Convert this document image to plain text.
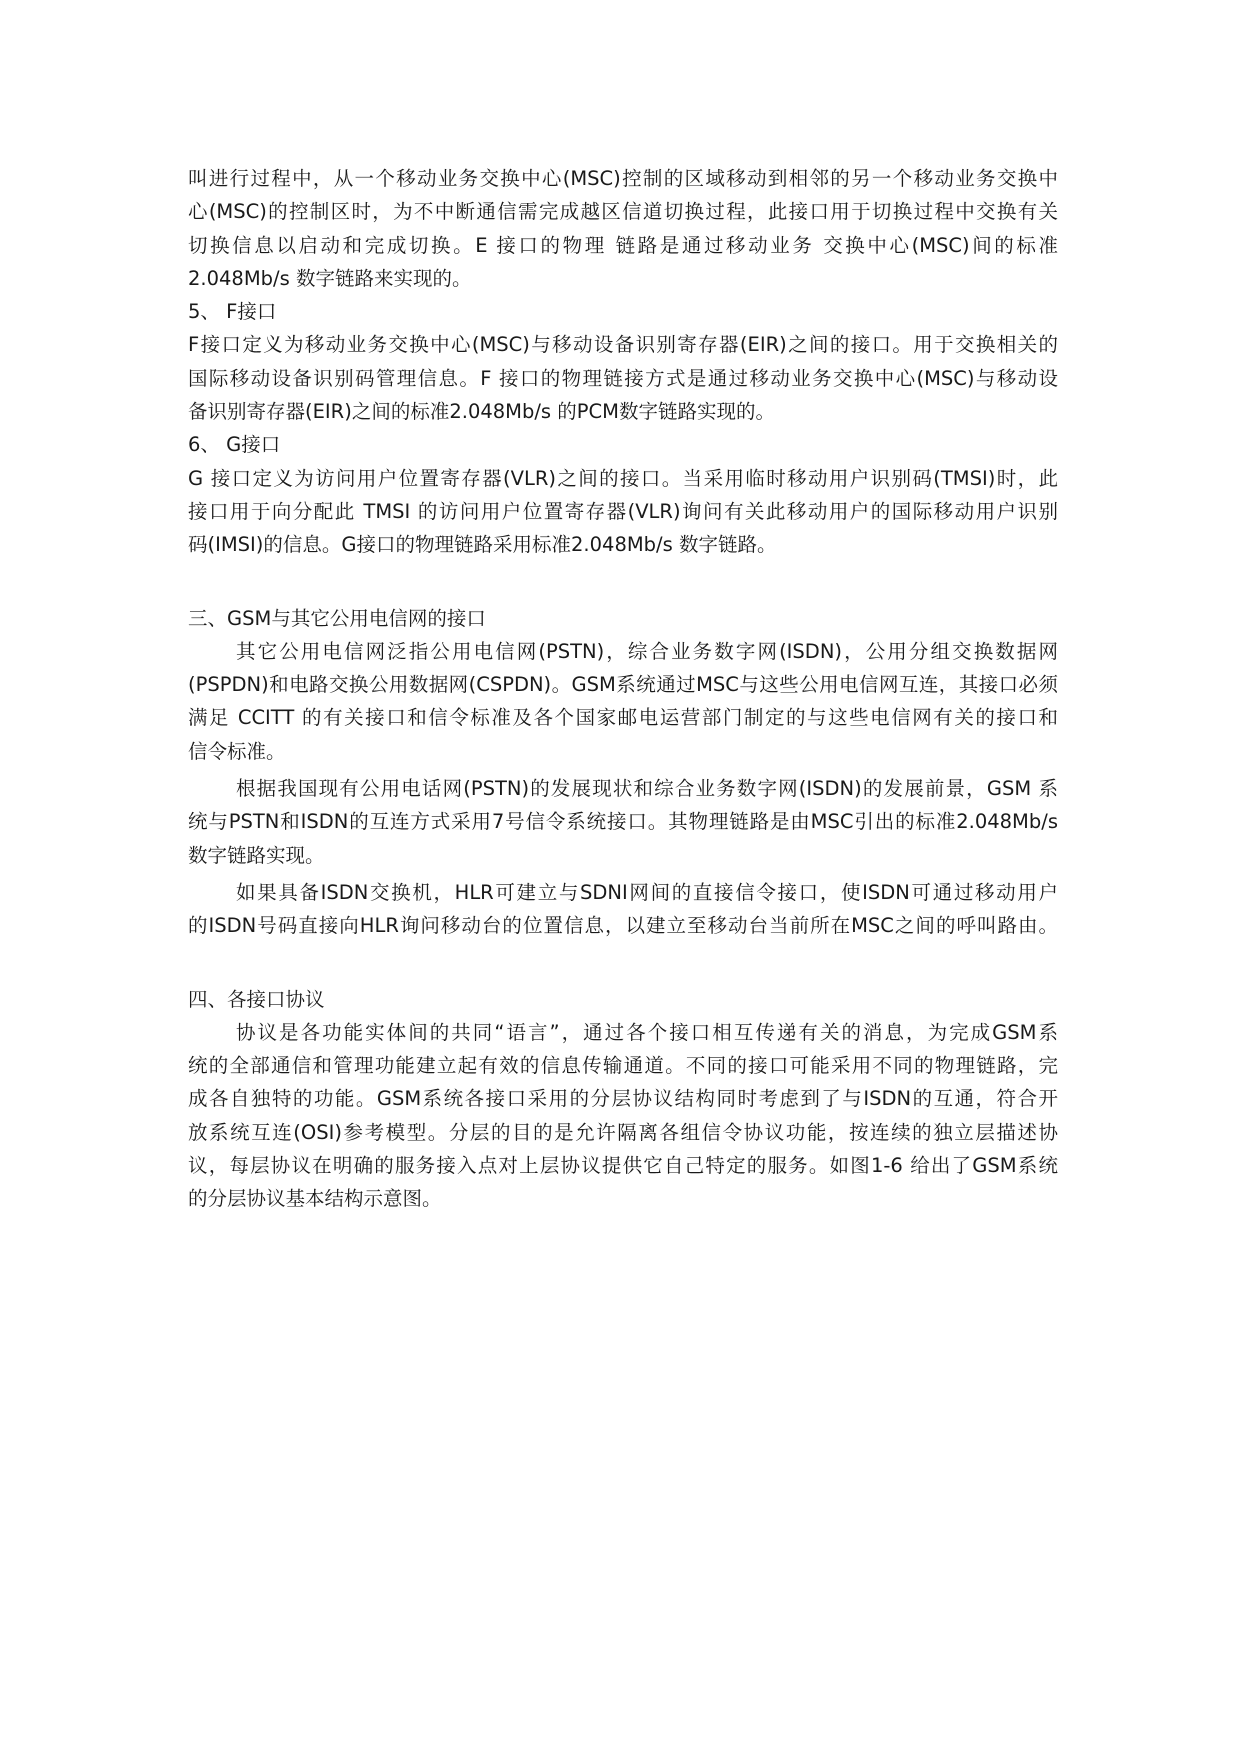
叫进行过程中，从一个移动业务交换中心(MSC)控制的区域移动到相邻的另一个移动业务交换中
心(MSC)的控制区时，为不中断通信需完成越区信道切换过程，此接口用于切换过程中交换有关
切换信息以启动和完成切换。E 接口的物理 链路是通过移动业务 交换中心(MSC)间的标准
2.048Mb/s 数字链路来实现的。
5、 F接口
F接口定义为移动业务交换中心(MSC)与移动设备识别寄存器(EIR)之间的接口。用于交换相关的
国际移动设备识别码管理信息。F 接口的物理链接方式是通过移动业务交换中心(MSC)与移动设
备识别寄存器(EIR)之间的标准2.048Mb/s 的PCM数字链路实现的。
6、 G接口
G 接口定义为访问用户位置寄存器(VLR)之间的接口。当采用临时移动用户识别码(TMSI)时，此
接口用于向分配此 TMSI 的访问用户位置寄存器(VLR)询问有关此移动用户的国际移动用户识别
码(IMSI)的信息。G接口的物理链路采用标准2.048Mb/s 数字链路。
三、GSM与其它公用电信网的接口
其它公用电信网泛指公用电信网(PSTN)，综合业务数字网(ISDN)，公用分组交换数据网
(PSPDN)和电路交换公用数据网(CSPDN)。GSM系统通过MSC与这些公用电信网互连，其接口必须
满足 CCITT 的有关接口和信令标准及各个国家邮电运营部门制定的与这些电信网有关的接口和
信令标准。
根据我国现有公用电话网(PSTN)的发展现状和综合业务数字网(ISDN)的发展前景，GSM 系
统与PSTN和ISDN的互连方式采用7号信令系统接口。其物理链路是由MSC引出的标准2.048Mb/s
数字链路实现。
如果具备ISDN交换机，HLR可建立与SDNI网间的直接信令接口，使ISDN可通过移动用户
的ISDN号码直接向HLR询问移动台的位置信息，以建立至移动台当前所在MSC之间的呼叫路由。
四、各接口协议
协议是各功能实体间的共同“语言”，通过各个接口相互传递有关的消息，为完成GSM系
统的全部通信和管理功能建立起有效的信息传输通道。不同的接口可能采用不同的物理链路，完
成各自独特的功能。GSM系统各接口采用的分层协议结构同时考虑到了与ISDN的互通，符合开
放系统互连(OSI)参考模型。分层的目的是允许隔离各组信令协议功能，按连续的独立层描述协
议，每层协议在明确的服务接入点对上层协议提供它自己特定的服务。如图1-6 给出了GSM系统
的分层协议基本结构示意图。
